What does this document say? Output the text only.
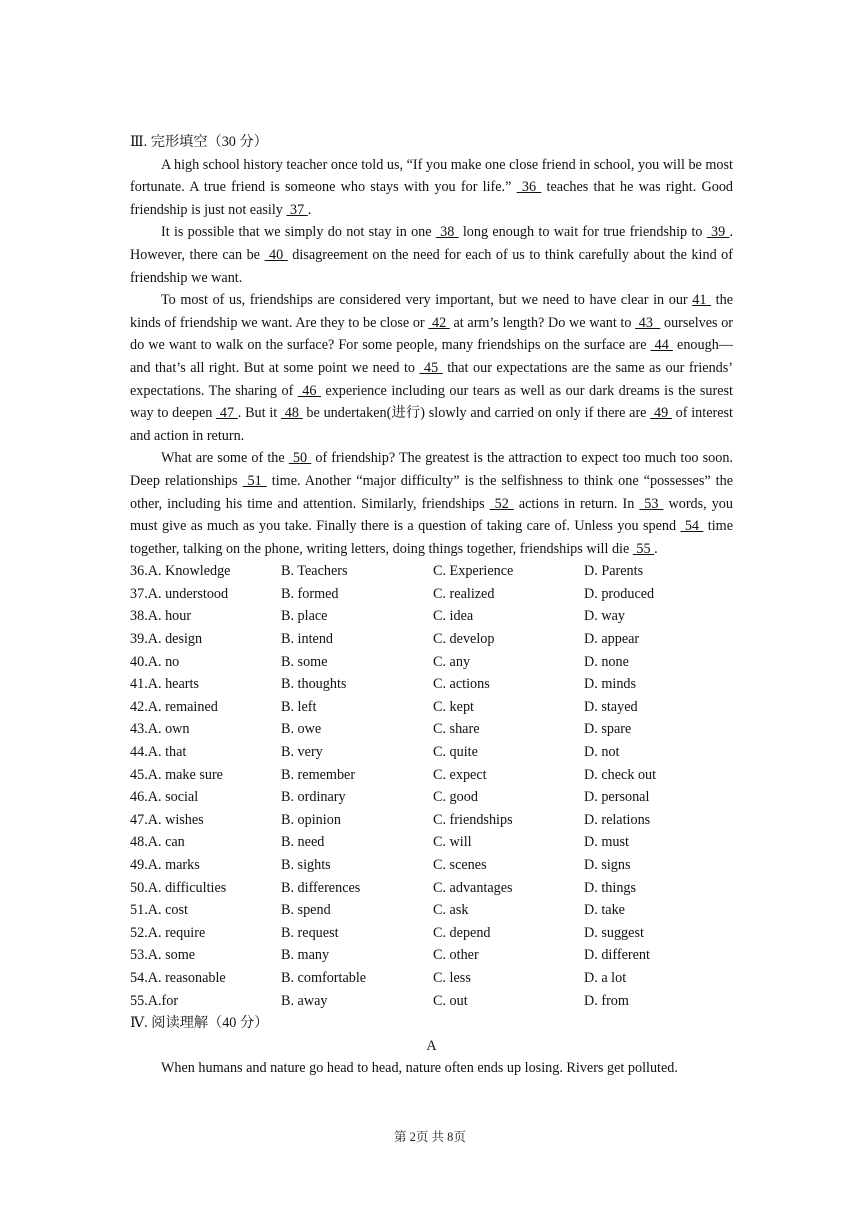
Ⅲ. 完形填空（30 分）

A high school history teacher once told us, “If you make one close friend in school, you will be most fortunate. A true friend is someone who stays with you for life.”  36  teaches that he was right. Good friendship is just not easily  37 .

It is possible that we simply do not stay in one  38  long enough to wait for true friendship to  39 . However, there can be  40  disagreement on the need for each of us to think carefully about the kind of friendship we want.

To most of us, friendships are considered very important, but we need to have clear in our 41  the kinds of friendship we want. Are they to be close or  42  at arm’s length? Do we want to  43   ourselves or do we want to walk on the surface? For some people, many friendships on the surface are  44  enough—and that’s all right. But at some point we need to  45  that our expectations are the same as our friends’ expectations. The sharing of  46  experience including our tears as well as our dark dreams is the surest way to deepen  47 . But it  48  be undertaken(进行) slowly and carried on only if there are  49  of interest and action in return.

What are some of the  50  of friendship? The greatest is the attraction to expect too much too soon. Deep relationships  51  time. Another “major difficulty” is the selfishness to think one “possesses” the other, including his time and attention. Similarly, friendships  52  actions in return. In  53  words, you must give as much as you take. Finally there is a question of taking care of. Unless you spend  54  time together, talking on the phone, writing letters, doing things together, friendships will die  55 .

36.A. Knowledge	B. Teachers	C. Experience	D. Parents
37.A. understood	B. formed	C. realized	D. produced
38.A. hour	B. place	C. idea	D. way
39.A. design	B. intend	C. develop	D. appear
40.A. no	B. some	C. any	D. none
41.A. hearts	B. thoughts	C. actions	D. minds
42.A. remained	B. left	C. kept	D. stayed
43.A. own	B. owe	C. share	D. spare
44.A. that	B. very	C. quite	D. not
45.A. make sure	B. remember	C. expect	D. check out
46.A. social	B. ordinary	C. good	D. personal
47.A. wishes	B. opinion	C. friendships	D. relations
48.A. can	B. need	C. will	D. must
49.A. marks	B. sights	C. scenes	D. signs
50.A. difficulties	B. differences	C. advantages	D. things
51.A. cost	B. spend	C. ask	D. take
52.A. require	B. request	C. depend	D. suggest
53.A. some	B. many	C. other	D. different
54.A. reasonable	B. comfortable	C. less	D. a lot
55.A.for	B. away	C. out	D. from
Ⅳ. 阅读理解（40 分）
A

When humans and nature go head to head, nature often ends up losing. Rivers get polluted.

第 2页 共 8页
